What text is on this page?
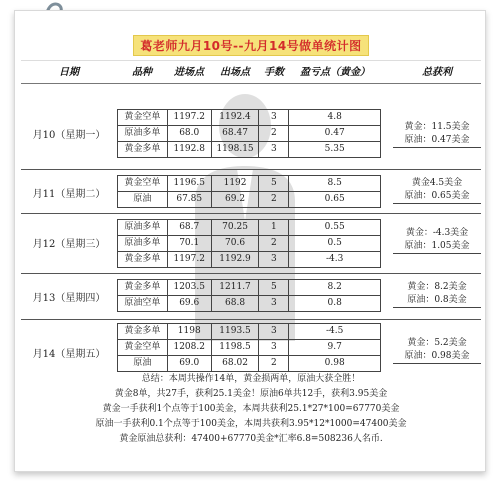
葛老师九月10号--九月14号做单统计图
日期	品种	进场点	出场点	手数	盈亏点（黄金）	总获利
月10（星期一）
黄金空单	1197.2	1192.4	3	4.8
原油多单	68.0	68.47	2	0.47
黄金多单	1192.8	1198.15	3	5.35
黄金：11.5美金
原油：0.47美金
月11（星期二）
黄金空单	1196.5	1192	5	8.5
原油	67.85	69.2	2	0.65
黄金4.5美金
原油：0.65美金
月12（星期三）
原油多单	68.7	70.25	1	0.55
原油多单	70.1	70.6	2	0.5
黄金多单	1197.2	1192.9	3	-4.3
黄金：-4.3美金
原油：1.05美金
月13（星期四）
黄金多单	1203.5	1211.7	5	8.2
原油空单	69.6	68.8	3	0.8
黄金：8.2美金
原油：0.8美金
月14（星期五）
黄金多单	1198	1193.5	3	-4.5
黄金空单	1208.2	1198.5	3	9.7
原油	69.0	68.02	2	0.98
黄金：5.2美金
原油：0.98美金
总结：本周共操作14单，黄金损两单，原油大获全胜！
黄金8单，共27手，获利25.1美金！原油6单共12手，获利3.95美金
黄金一手获利1个点等于100美金，本周共获利25.1*27*100=67770美金
原油一手获利0.1个点等于100美金，本周共获利3.95*12*1000=47400美金
黄金原油总获利：47400+67770美金*汇率6.8=508236人名币.
